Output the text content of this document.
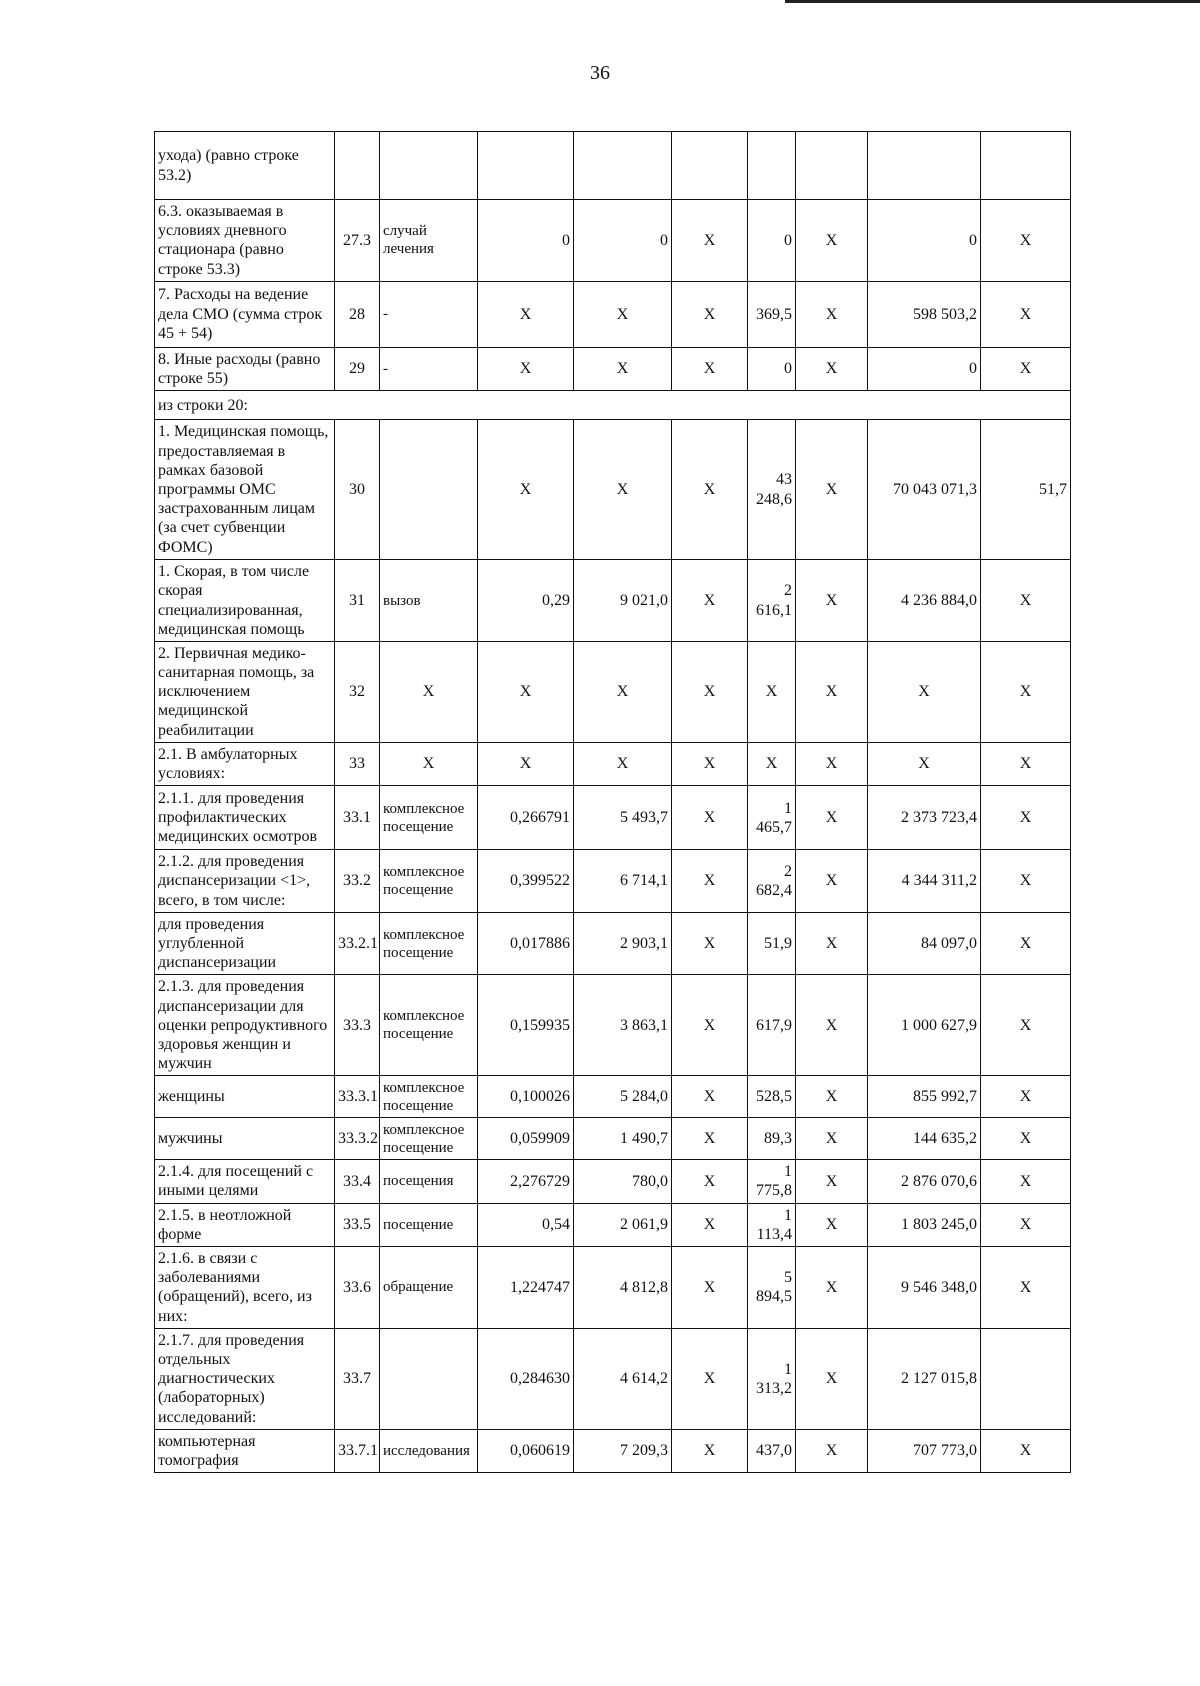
36
ухода) (равно строке 53.2)									
6.3. оказываемая в условиях дневного стационара (равно строке 53.3)	27.3	случай лечения	0	0	X	0	X	0	X
7. Расходы на ведение дела СМО (сумма строк 45 + 54)	28	-	X	X	X	369,5	X	598 503,2	X
8. Иные расходы (равно строке 55)	29	-	X	X	X	0	X	0	X
из строки 20:									
1. Медицинская помощь, предоставляемая в рамках базовой программы ОМС застрахованным лицам (за счет субвенции ФОМС)	30		X	X	X	43 248,6	X	70 043 071,3	51,7
1. Скорая, в том числе скорая специализированная, медицинская помощь	31	вызов	0,29	9 021,0	X	2 616,1	X	4 236 884,0	X
2. Первичная медико-санитарная помощь, за исключением медицинской реабилитации	32	X	X	X	X	X	X	X	X
2.1. В амбулаторных условиях:	33	X	X	X	X	X	X	X	X
2.1.1. для проведения профилактических медицинских осмотров	33.1	комплексное посещение	0,266791	5 493,7	X	1 465,7	X	2 373 723,4	X
2.1.2. для проведения диспансеризации <1>, всего, в том числе:	33.2	комплексное посещение	0,399522	6 714,1	X	2 682,4	X	4 344 311,2	X
для проведения углубленной диспансеризации	33.2.1	комплексное посещение	0,017886	2 903,1	X	51,9	X	84 097,0	X
2.1.3. для проведения диспансеризации для оценки репродуктивного здоровья женщин и мужчин	33.3	комплексное посещение	0,159935	3 863,1	X	617,9	X	1 000 627,9	X
женщины	33.3.1	комплексное посещение	0,100026	5 284,0	X	528,5	X	855 992,7	X
мужчины	33.3.2	комплексное посещение	0,059909	1 490,7	X	89,3	X	144 635,2	X
2.1.4. для посещений с иными целями	33.4	посещения	2,276729	780,0	X	1 775,8	X	2 876 070,6	X
2.1.5. в неотложной форме	33.5	посещение	0,54	2 061,9	X	1 113,4	X	1 803 245,0	X
2.1.6. в связи с заболеваниями (обращений), всего, из них:	33.6	обращение	1,224747	4 812,8	X	5 894,5	X	9 546 348,0	X
2.1.7. для проведения отдельных диагностических (лабораторных) исследований:	33.7		0,284630	4 614,2	X	1 313,2	X	2 127 015,8	
компьютерная томография	33.7.1	исследования	0,060619	7 209,3	X	437,0	X	707 773,0	X
